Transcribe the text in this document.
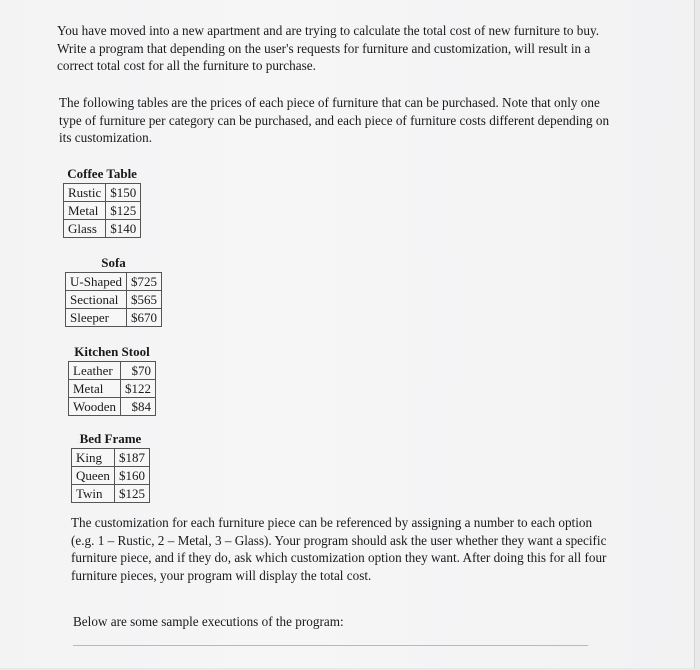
You have moved into a new apartment and are trying to calculate the total cost of new furniture to buy. Write a program that depending on the user's requests for furniture and customization, will result in a correct total cost for all the furniture to purchase.

The following tables are the prices of each piece of furniture that can be purchased. Note that only one type of furniture per category can be purchased, and each piece of furniture costs different depending on its customization.

Coffee Table
Rustic	$150
Metal	$125
Glass	$140
Sofa
U-Shaped	$725
Sectional	$565
Sleeper	$670
Kitchen Stool
Leather	$70
Metal	$122
Wooden	$84
Bed Frame
King	$187
Queen	$160
Twin	$125

The customization for each furniture piece can be referenced by assigning a number to each option (e.g. 1 – Rustic, 2 – Metal, 3 – Glass). Your program should ask the user whether they want a specific furniture piece, and if they do, ask which customization option they want. After doing this for all four furniture pieces, your program will display the total cost.

Below are some sample executions of the program:
